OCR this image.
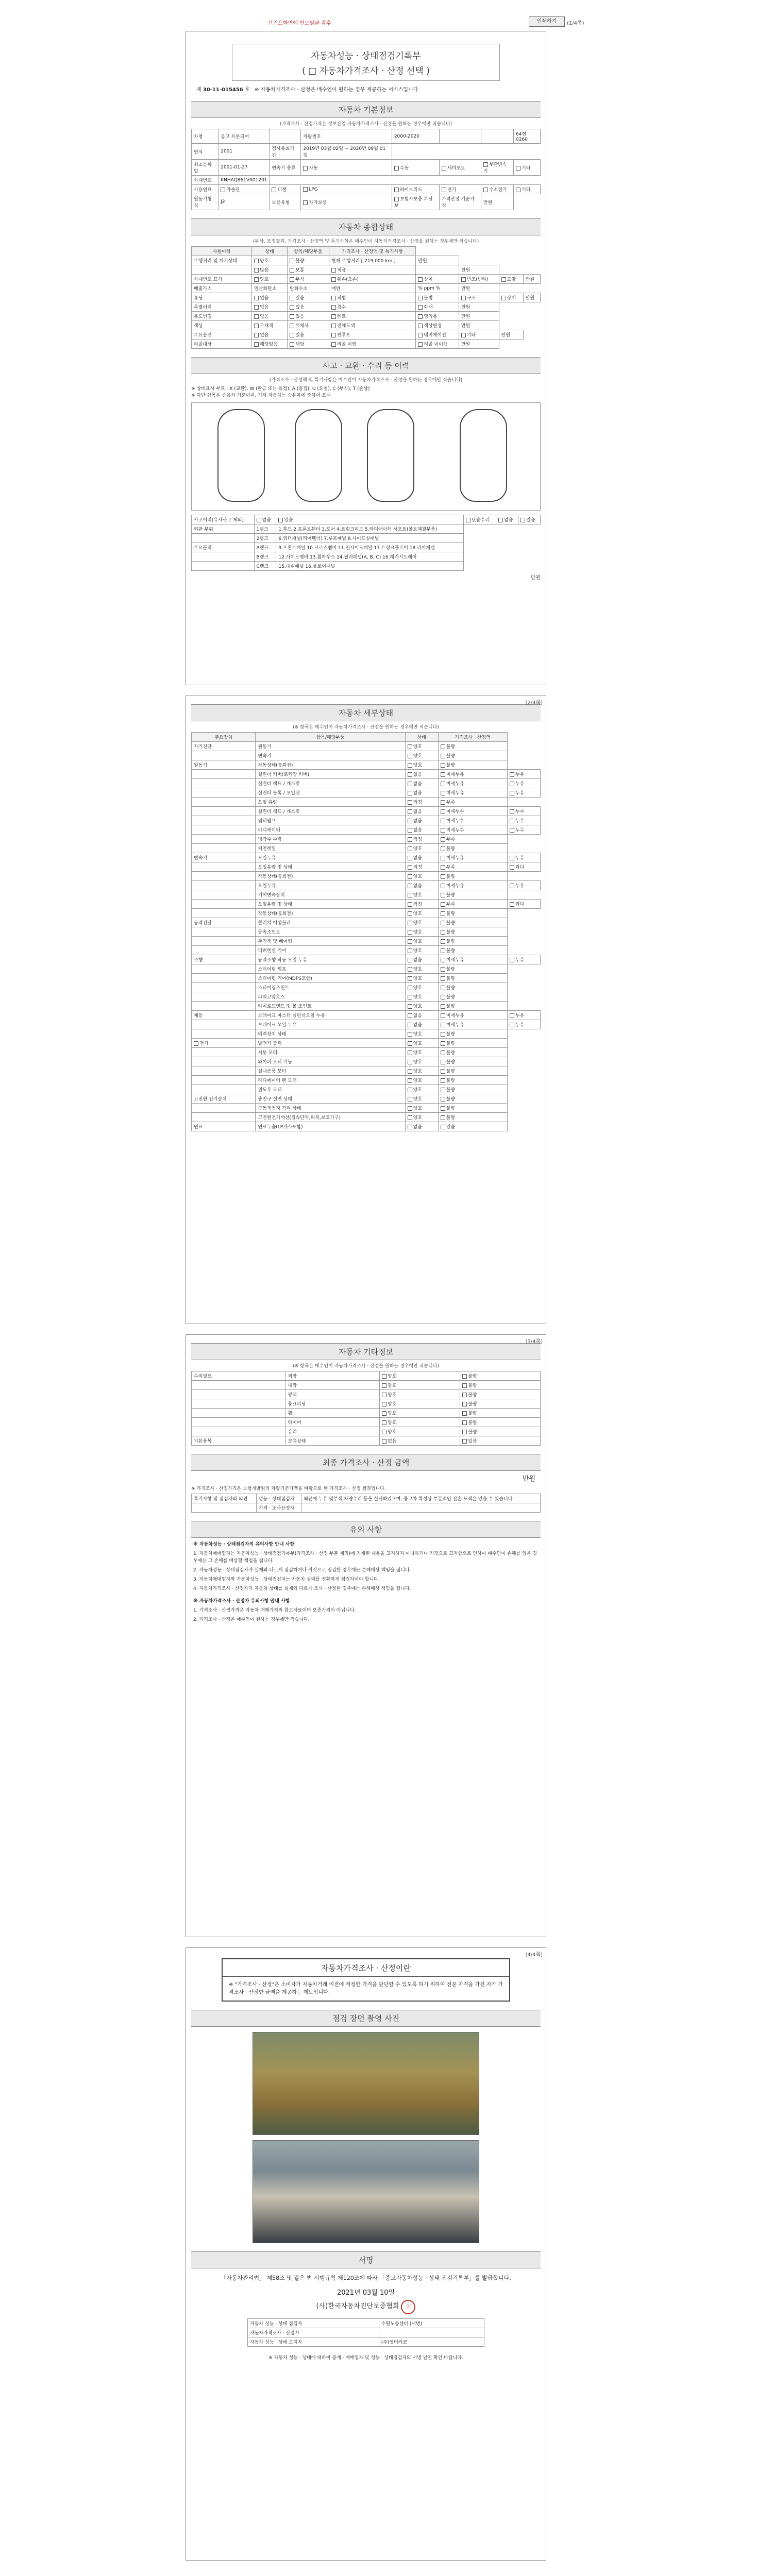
프린트화면에 안보임클 감추	인쇄하기	(1/4쪽)
자동차성능 · 상태점검기록부
( □ 자동차가격조사 · 산정 선택 )
제 30-11-015456 호 ※ 자동차가격조사 · 산정은 매수인이 원하는 경우 제공하는 서비스입니다.
자동차 기본정보
(가격조사 · 산정가격은 정보산업 자동차가격조사 · 산정을 원하는 경우에만 적습니다)
차명	봉고 프론티어		차량번호	2000-2020			64현0260
연식	2001	검사유효기간	2019년 03월 02일 ~ 2020년 09월 01일				
최초등록일	2001-01-27	변속기 종류	자동	수동	세미오토	무단변속기	기타
차대번호	KNHAQ861V001201						
사용연료	가솔린	디젤	LPG	하이브리드	전기	수소전기	기타
원동기형식	J2	보증유형	자가보증	보험사보증 부당보	가격산정 기준가격	만원	
자동차 종합상태
(부상, 조정결과, 가격조사 · 산정액 및 특기사항은 매수인이 자동차가격조사 · 산정을 원하는 경우에만 적습니다)
사용이력	상태	항목/해당부품	가격조사 · 산정액 및 특기사항				
주행거리 및 계기상태	양호	불량	현재 주행거리 [ 219,000 km ]	만원			
	많음	보통	적음		만원		
차대번호 표기	양호	부식	훼손(오손)	상이	변조(변타)	도말	만원
배출가스	일산화탄소	탄화수소	매연	% ppm %	만원		
튜닝	없음	있음	적법	불법	구조	장치	만원
특별이력	없음	있음	침수	화재	만원		
용도변경	없음	있음	렌트	영업용	만원		
색상	무채색	유채색	전체도색	색상변경	만원		
주요옵션	없음	있음	썬루프	네비게이션	기타	만원	
리콜대상	해당없음	해당	리콜 이행	리콜 미이행	만원		
사고 · 교환 · 수리 등 이력
(가격조사 · 산정액 및 특기사항은 매수인이 자동차가격조사 · 산정을 원하는 경우에만 적습니다)
※ 상태표시 부호 : X (교환), W (판금 또는 용접), A (흠집), U (요철), C (부식), T (손상)
※ 하단 항목은 승용차 기준이며, 기타 자동차는 승용차에 준하여 표시
사고이력(유사사고 제외)	없음	있음	단순수리	없음	있음
외판 부위	1랭크	1.후드 2.프론트휀더 3.도어 4.트렁크리드 5.라디에이터 서포트(볼트체결부품)			
	2랭크	6.쿼터패널(리어휀더) 7.루프패널 8.사이드실패널			
주요골격	A랭크	9.프론트패널 10.크로스멤버 11.인사이드패널 17.트렁크플로어 18.리어패널			
	B랭크	12.사이드멤버 13.휠하우스 14.필러패널(A, B, C) 16.패키지트레이			
	C랭크	15.대쉬패널 16.플로어패널			
만원
(2/4쪽)
자동차 세부상태
(※ 항목은 매수인이 자동차가격조사 · 산정을 원하는 경우에만 적습니다)
주요장치	항목/해당부품	상태	가격조사 · 산정액	
자기진단	원동기	양호	불량	
	변속기	양호	불량	
원동기	작동상태(공회전)	양호	불량	
	실린더 커버(로커암 커버)	없음	미세누유	누유
	실린더 헤드 / 개스킷	없음	미세누유	누유
	실린더 블록 / 오일팬	없음	미세누유	누유
	오일 유량	적정	부족	
	실린더 헤드 / 개스킷	없음	미세누수	누수
	워터펌프	없음	미세누수	누수
	라디에이터	없음	미세누수	누수
	냉각수 수량	적정	부족	
	커먼레일	양호	불량	
변속기	오일누유	없음	미세누유	누유
	오일유량 및 상태	적정	부족	과다
	작동상태(공회전)	양호	불량	
	오일누유	없음	미세누유	누유
	기어변속장치	양호	불량	
	오일유량 및 상태	적정	부족	과다
	작동상태(공회전)	양호	불량	
동력전달	클러치 어셈블리	양호	불량	
	등속조인트	양호	불량	
	추진축 및 베어링	양호	불량	
	디퍼렌셜 기어	양호	불량	
조향	동력조향 작동 오일 누유	없음	미세누유	누유
	스티어링 펌프	양호	불량	
	스티어링 기어(MDPS포함)	양호	불량	
	스티어링조인트	양호	불량	
	파워고압호스	양호	불량	
	타이로드엔드 및 볼 조인트	양호	불량	
제동	브레이크 마스터 실린더오일 누유	없음	미세누유	누유
	브레이크 오일 누유	없음	미세누유	누유
	배력장치 상태	양호	불량	
전기	발전기 출력	양호	불량	
	시동 모터	양호	불량	
	와이퍼 모터 기능	양호	불량	
	실내송풍 모터	양호	불량	
	라디에이터 팬 모터	양호	불량	
	윈도우 모터	양호	불량	
고전원 전기장치	충전구 절연 상태	양호	불량	
	구동축전지 격리 상태	양호	불량	
	고전원전기배선(접속단자,피복,보호기구)	양호	불량	
연료	연료누출(LP가스포함)	없음	있음	
(3/4쪽)
자동차 기타정보
(※ 항목은 매수인이 자동차가격조사 · 산정을 원하는 경우에만 적습니다)
수리필요	외장	양호	불량
	내장	양호	불량
	광택	양호	불량
	룸크리닝	양호	불량
	휠	양호	불량
	타이어	양호	불량
	유리	양호	불량
기본품목	보유상태	없음	있음
최종 가격조사 · 산정 금액
만원
※ 가격조사 · 산정가격은 보험개발원의 차량기준가액을 바탕으로 한 가격조사 · 산정 결과입니다.
특기사항 및 점검자의 의견	성능 · 상태점검자	최근에 누유 및부색 차량수리 등을 실시하였으며, 중고차 특성상 부분적인 잔손 도색은 있을 수 있습니다.
	가격 · 조사산정자	
유의 사항
※ 자동차성능 · 상태점검자의 유의사항 안내 사항
1. 자동차매매업자는 자동차성능 · 상태점검기록부(가격조사 · 산정 부분 제외)에 기재된 내용을 고지하지 아니하거나 거짓으로 고지함으로 인하여 매수인이 손해를 입은 경우에는 그 손해를 배상할 책임을 집니다.
2. 자동차성능 · 상태점검자가 실제와 다르게 점검하거나 거짓으로 점검한 경우에는 손해배상 책임을 집니다.
3. 자동차매매업자와 자동차성능 · 상태점검자는 자동차 상태를 정확하게 점검하여야 합니다.
4. 자동차가격조사 · 산정자가 자동차 상태를 실제와 다르게 조사 · 산정한 경우에는 손해배상 책임을 집니다.
※ 자동차가격조사 · 산정자 유의사항 안내 사항
1. 가격조사 · 산정가격은 자동차 매매가격의 참고자료이며 보증가격이 아닙니다.
2. 가격조사 · 산정은 매수인이 원하는 경우에만 적습니다.
(4/4쪽)
자동차가격조사 · 산정이란
※ "가격조사 · 산정"은 소비자가 자동차거래 이전에 적정한 가격을 판단할 수 있도록 하기 위하여 전문 자격을 가진 자가 가격조사 · 산정한 금액을 제공하는 제도입니다.
점검 장면 촬영 사진
서명
「자동차관리법」 제58조 및 같은 법 시행규칙 제120조에 따라 「중고자동차성능 · 상태 점검기록부」를 발급합니다.
2021년 03월 10일
(사)한국자동차진단보증협회 印
자동차 성능 · 상태 점검자	수원노송센터 (서명)
자동차가격조사 · 산정자	
자동차 성능 · 상태 고지자	(주)엣터카코
※ 자동차 성능 · 상태에 대하여 중개 · 매매업자 및 성능 · 상태점검자의 서명 날인 확인 바랍니다.
